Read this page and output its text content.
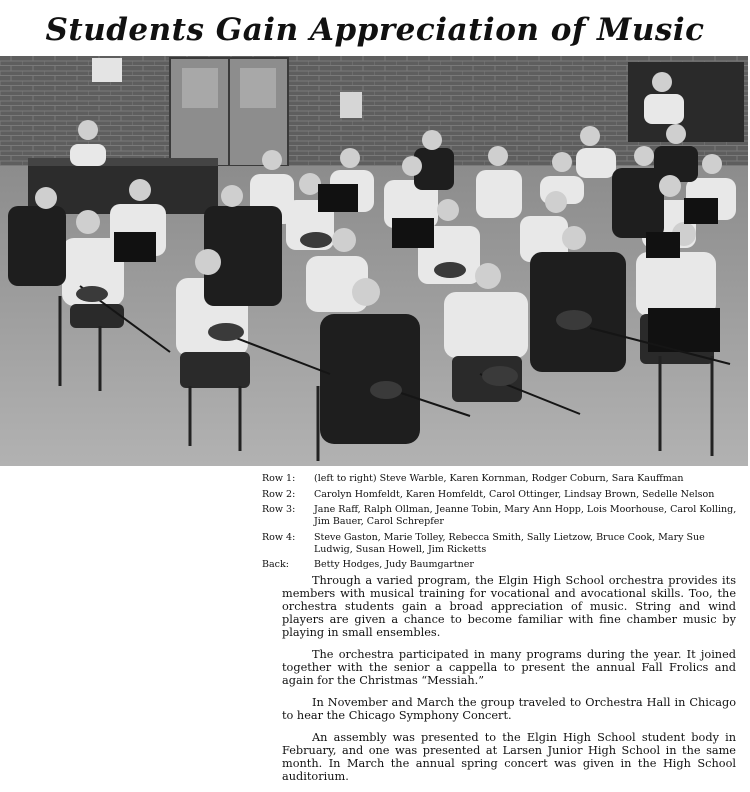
Students Gain Appreciation of Music
Row 1:	(left to right) Steve Warble, Karen Kornman, Rodger Coburn, Sara Kauffman
Row 2:	Carolyn Homfeldt, Karen Homfeldt, Carol Ottinger, Lindsay Brown, Sedelle Nelson
Row 3:	Jane Raff, Ralph Ollman, Jeanne Tobin, Mary Ann Hopp, Lois Moorhouse, Carol Kolling, Jim Bauer, Carol Schrepfer
Row 4:	Steve Gaston, Marie Tolley, Rebecca Smith, Sally Lietzow, Bruce Cook, Mary Sue Ludwig, Susan Howell, Jim Ricketts
Back:	Betty Hodges, Judy Baumgartner

Through a varied program, the Elgin High School orchestra provides its members with musical training for vocational and avocational skills. Too, the orchestra students gain a broad appreciation of music. String and wind players are given a chance to become familiar with fine chamber music by playing in small ensembles.

The orchestra participated in many programs during the year. It joined together with the senior a cappella to present the annual Fall Frolics and again for the Christmas “Messiah.”

In November and March the group traveled to Orchestra Hall in Chicago to hear the Chicago Symphony Concert.

An assembly was presented to the Elgin High School student body in February, and one was presented at Larsen Junior High School in the same month. In March the annual spring concert was given in the High School auditorium.
